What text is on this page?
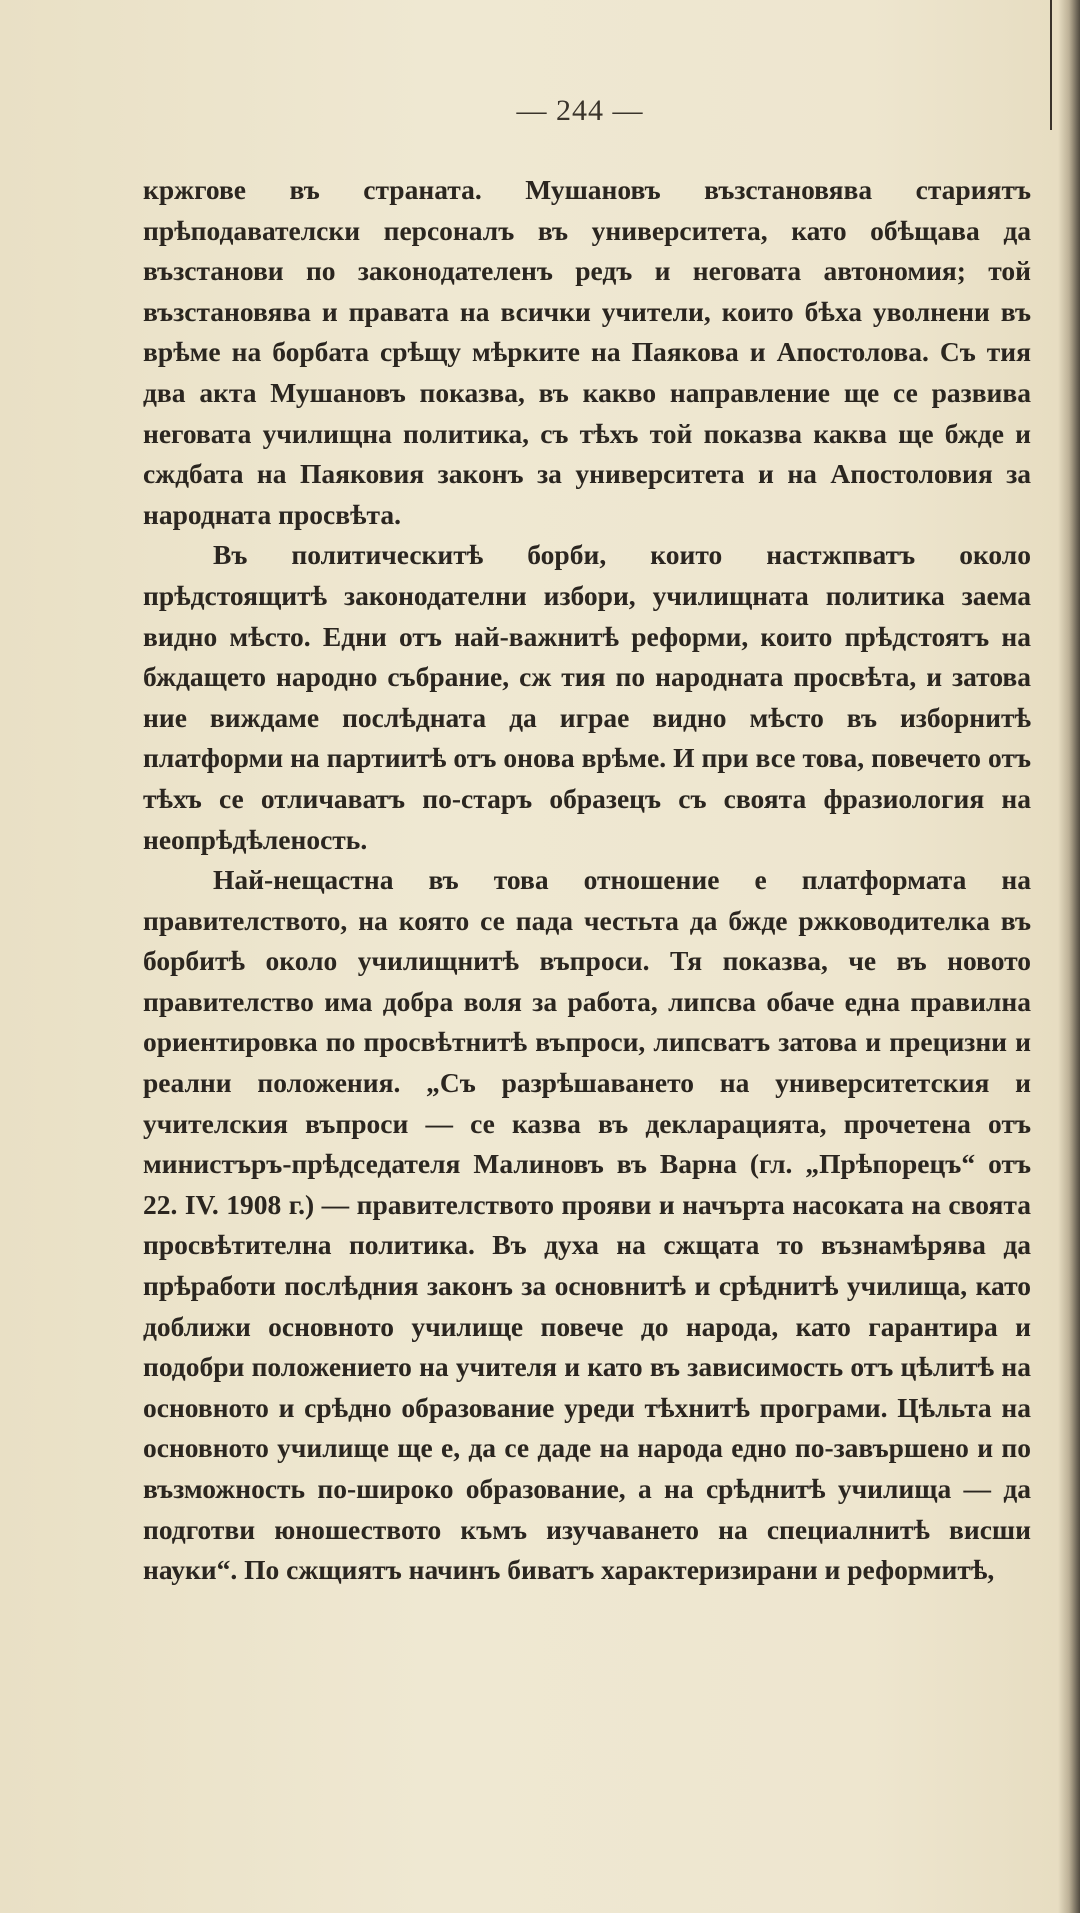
— 244 —

кржгове въ страната. Мушановъ възстановява стариятъ прѣподавателски персоналъ въ университета, като обѣщава да възстанови по законодателенъ редъ и неговата автономия; той възстановява и правата на всички учители, които бѣха уволнени въ врѣме на борбата срѣщу мѣрките на Паякова и Апостолова. Съ тия два акта Мушановъ показва, въ какво направление ще се развива неговата училищна политика, съ тѣхъ той показва каква ще бжде и сждбата на Паяковия законъ за университета и на Апостоловия за народната просвѣта.

Въ политическитѣ борби, които настжпватъ около прѣдстоящитѣ законодателни избори, училищната политика заема видно мѣсто. Едни отъ най-важнитѣ реформи, които прѣдстоятъ на бждащето народно събрание, сж тия по народната просвѣта, и затова ние виждаме послѣдната да играе видно мѣсто въ изборнитѣ платформи на партиитѣ отъ онова врѣме. И при все това, повечето отъ тѣхъ се отличаватъ по-старъ образецъ съ своята фразиология на неопрѣдѣленость.

Най-нещастна въ това отношение е платформата на правителството, на която се пада честьта да бжде ржководителка въ борбитѣ около училищнитѣ въпроси. Тя показва, че въ новото правителство има добра воля за работа, липсва обаче една правилна ориентировка по просвѣтнитѣ въпроси, липсватъ затова и прецизни и реални положения. „Съ разрѣшаването на университетския и учителския въпроси — се казва въ декларацията, прочетена отъ министъръ-прѣдседателя Малиновъ въ Варна (гл. „Прѣпорецъ“ отъ 22. IV. 1908 г.) — правителството прояви и начърта насоката на своята просвѣтителна политика. Въ духа на сжщата то възнамѣрява да прѣработи послѣдния законъ за основнитѣ и срѣднитѣ училища, като доближи основното училище повече до народа, като гарантира и подобри положението на учителя и като въ зависимость отъ цѣлитѣ на основното и срѣдно образование уреди тѣхнитѣ програми. Цѣльта на основното училище ще е, да се даде на народа едно по-завършено и по възможность по-широко образование, а на срѣднитѣ училища — да подготви юношеството къмъ изучаването на специалнитѣ висши науки“. По сжщиятъ начинъ биватъ характеризирани и реформитѣ,
